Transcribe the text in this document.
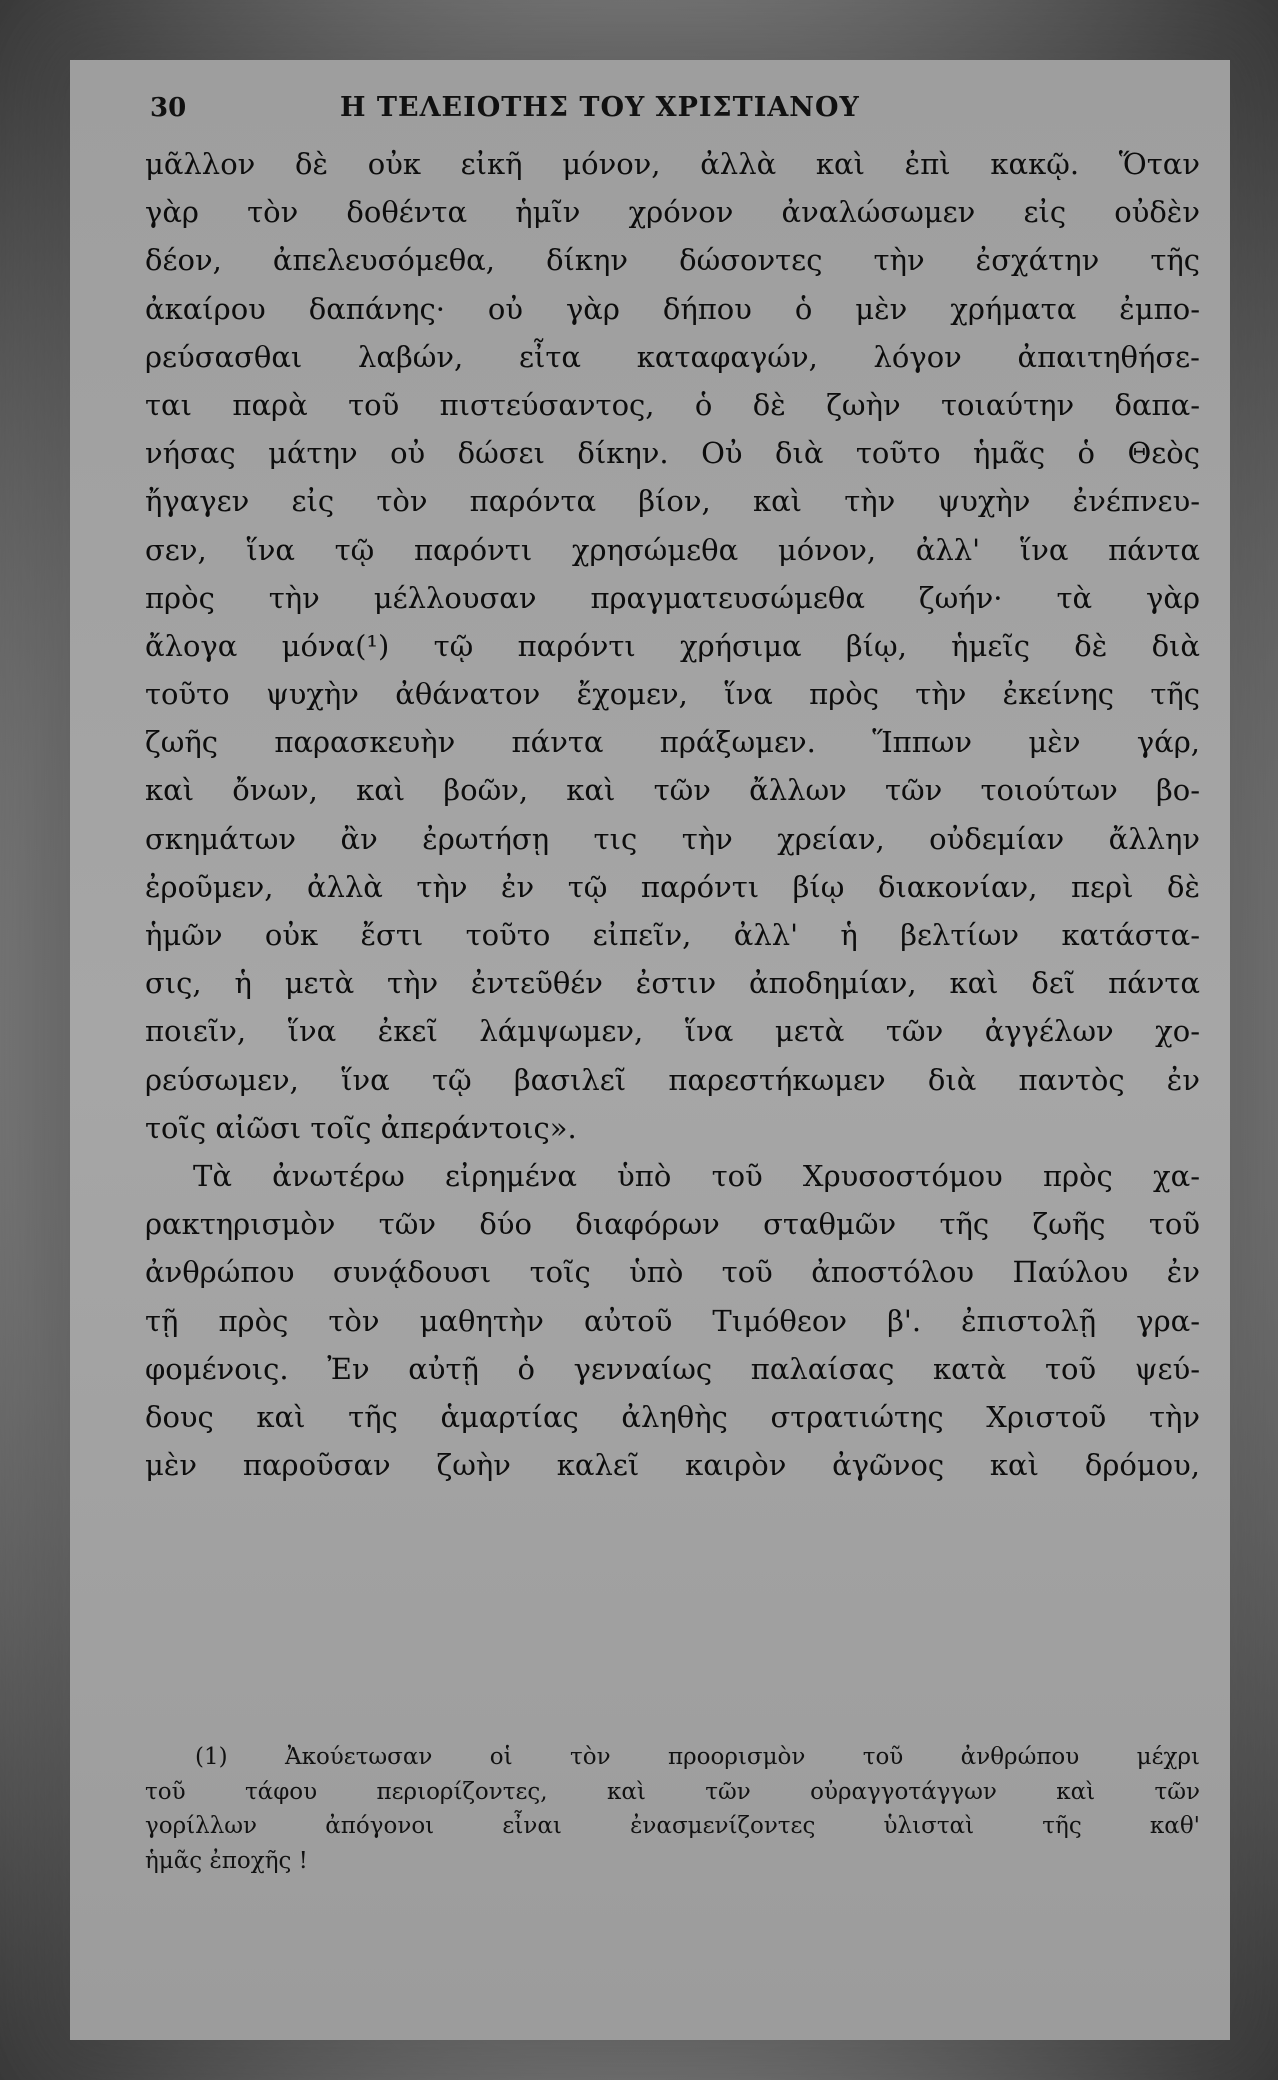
30	Η ΤΕΛΕΙΟΤΗΣ ΤΟΥ ΧΡΙΣΤΙΑΝΟΥ
μᾶλλον δὲ οὐκ εἰκῆ μόνον, ἀλλὰ καὶ ἐπὶ κακῷ. Ὅταν
γὰρ τὸν δοθέντα ἡμῖν χρόνον ἀναλώσωμεν εἰς οὐδὲν
δέον, ἀπελευσόμεθα, δίκην δώσοντες τὴν ἐσχάτην τῆς
ἀκαίρου δαπάνης· οὐ γὰρ δήπου ὁ μὲν χρήματα ἐμπο-
ρεύσασθαι λαβών, εἶτα καταφαγών, λόγον ἀπαιτηθήσε-
ται παρὰ τοῦ πιστεύσαντος, ὁ δὲ ζωὴν τοιαύτην δαπα-
νήσας μάτην οὐ δώσει δίκην. Οὐ διὰ τοῦτο ἡμᾶς ὁ Θεὸς
ἤγαγεν εἰς τὸν παρόντα βίον, καὶ τὴν ψυχὴν ἐνέπνευ-
σεν, ἵνα τῷ παρόντι χρησώμεθα μόνον, ἀλλ' ἵνα πάντα
πρὸς τὴν μέλλουσαν πραγματευσώμεθα ζωήν· τὰ γὰρ
ἄλογα μόνα(¹) τῷ παρόντι χρήσιμα βίῳ, ἡμεῖς δὲ διὰ
τοῦτο ψυχὴν ἀθάνατον ἔχομεν, ἵνα πρὸς τὴν ἐκείνης τῆς
ζωῆς παρασκευὴν πάντα πράξωμεν. Ἵππων μὲν γάρ,
καὶ ὄνων, καὶ βοῶν, καὶ τῶν ἄλλων τῶν τοιούτων βο-
σκημάτων ἂν ἐρωτήσῃ τις τὴν χρείαν, οὐδεμίαν ἄλλην
ἐροῦμεν, ἀλλὰ τὴν ἐν τῷ παρόντι βίῳ διακονίαν, περὶ δὲ
ἡμῶν οὐκ ἔστι τοῦτο εἰπεῖν, ἀλλ' ἡ βελτίων κατάστα-
σις, ἡ μετὰ τὴν ἐντεῦθέν ἐστιν ἀποδημίαν, καὶ δεῖ πάντα
ποιεῖν, ἵνα ἐκεῖ λάμψωμεν, ἵνα μετὰ τῶν ἀγγέλων χο-
ρεύσωμεν, ἵνα τῷ βασιλεῖ παρεστήκωμεν διὰ παντὸς ἐν
τοῖς αἰῶσι τοῖς ἀπεράντοις».
Τὰ ἀνωτέρω εἰρημένα ὑπὸ τοῦ Χρυσοστόμου πρὸς χα-
ρακτηρισμὸν τῶν δύο διαφόρων σταθμῶν τῆς ζωῆς τοῦ
ἀνθρώπου συνᾴδουσι τοῖς ὑπὸ τοῦ ἀποστόλου Παύλου ἐν
τῇ πρὸς τὸν μαθητὴν αὐτοῦ Τιμόθεον β'. ἐπιστολῇ γρα-
φομένοις. Ἐν αὐτῇ ὁ γενναίως παλαίσας κατὰ τοῦ ψεύ-
δους καὶ τῆς ἁμαρτίας ἀληθὴς στρατιώτης Χριστοῦ τὴν
μὲν παροῦσαν ζωὴν καλεῖ καιρὸν ἀγῶνος καὶ δρόμου,
(1) Ἀκούετωσαν οἱ τὸν προορισμὸν τοῦ ἀνθρώπου μέχρι
τοῦ τάφου περιορίζοντες, καὶ τῶν οὐραγγοτάγγων καὶ τῶν
γορίλλων ἀπόγονοι εἶναι ἐνασμενίζοντες ὑλισταὶ τῆς καθ'
ἡμᾶς ἐποχῆς !
